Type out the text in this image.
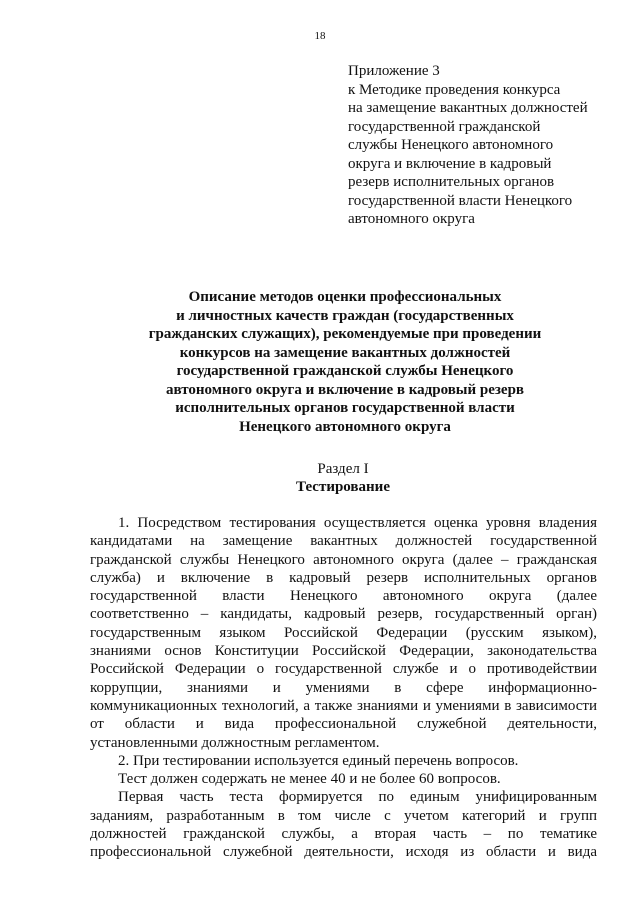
18
Приложение 3
к Методике проведения конкурса
на замещение вакантных должностей
государственной гражданской
службы Ненецкого автономного
округа и включение в кадровый
резерв исполнительных органов
государственной власти Ненецкого
автономного округа
Описание методов оценки профессиональных
и личностных качеств граждан (государственных
гражданских служащих), рекомендуемые при проведении
конкурсов на замещение вакантных должностей
государственной гражданской службы Ненецкого
автономного округа и включение в кадровый резерв
исполнительных органов государственной власти
Ненецкого автономного округа
Раздел I
Тестирование
1. Посредством тестирования осуществляется оценка уровня владения
кандидатами на замещение вакантных должностей государственной
гражданской службы Ненецкого автономного округа (далее – гражданская
служба) и включение в кадровый резерв исполнительных органов
государственной власти Ненецкого автономного округа (далее
соответственно – кандидаты, кадровый резерв, государственный орган)
государственным языком Российской Федерации (русским языком),
знаниями основ Конституции Российской Федерации, законодательства
Российской Федерации о государственной службе и о противодействии
коррупции, знаниями и умениями в сфере информационно-
коммуникационных технологий, а также знаниями и умениями в зависимости
от области и вида профессиональной служебной деятельности,
установленными должностным регламентом.
2. При тестировании используется единый перечень вопросов.
Тест должен содержать не менее 40 и не более 60 вопросов.
Первая часть теста формируется по единым унифицированным
заданиям, разработанным в том числе с учетом категорий и групп
должностей гражданской службы, а вторая часть – по тематике
профессиональной служебной деятельности, исходя из области и вида
